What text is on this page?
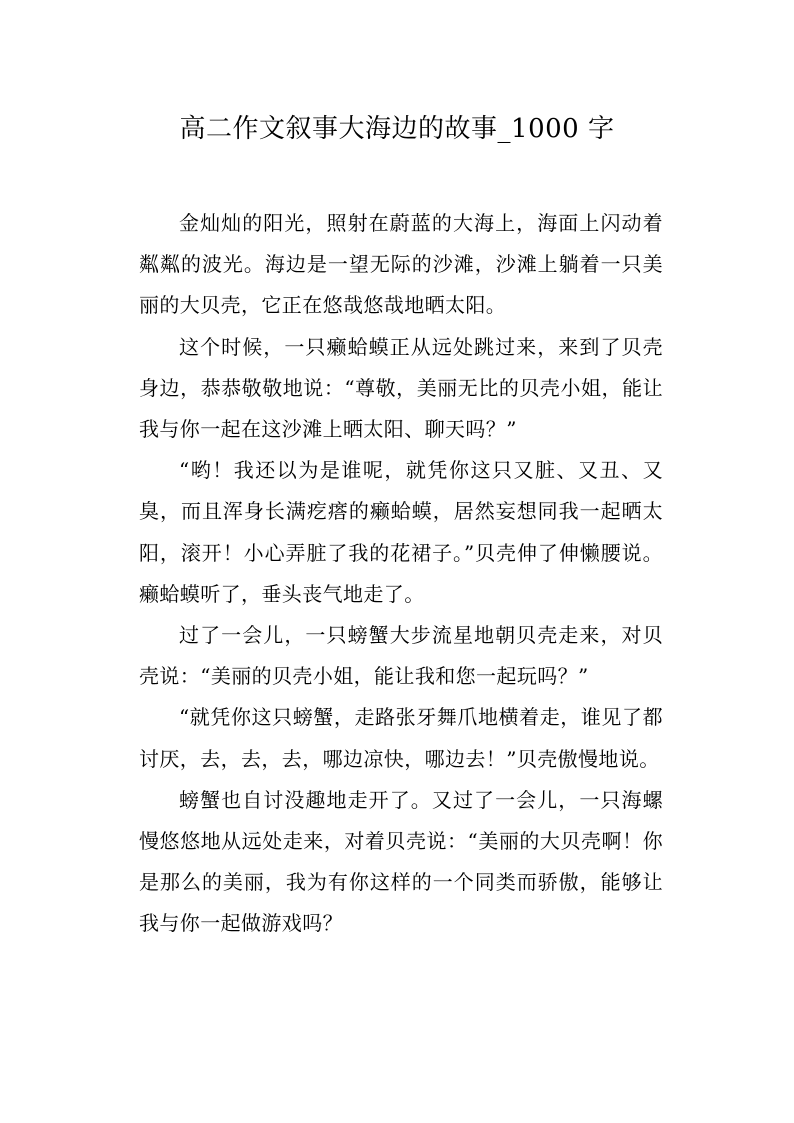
高二作文叙事大海边的故事_1000 字

金灿灿的阳光，照射在蔚蓝的大海上，海面上闪动着粼粼的波光。海边是一望无际的沙滩，沙滩上躺着一只美丽的大贝壳，它正在悠哉悠哉地晒太阳。

这个时候，一只癞蛤蟆正从远处跳过来，来到了贝壳身边，恭恭敬敬地说：“尊敬，美丽无比的贝壳小姐，能让我与你一起在这沙滩上晒太阳、聊天吗？”

“哟！我还以为是谁呢，就凭你这只又脏、又丑、又臭，而且浑身长满疙瘩的癞蛤蟆，居然妄想同我一起晒太阳，滚开！小心弄脏了我的花裙子。”贝壳伸了伸懒腰说。癞蛤蟆听了，垂头丧气地走了。

过了一会儿，一只螃蟹大步流星地朝贝壳走来，对贝壳说：“美丽的贝壳小姐，能让我和您一起玩吗？”

“就凭你这只螃蟹，走路张牙舞爪地横着走，谁见了都讨厌，去，去，去，哪边凉快，哪边去！”贝壳傲慢地说。

螃蟹也自讨没趣地走开了。又过了一会儿，一只海螺慢悠悠地从远处走来，对着贝壳说：“美丽的大贝壳啊！你是那么的美丽，我为有你这样的一个同类而骄傲，能够让我与你一起做游戏吗？
